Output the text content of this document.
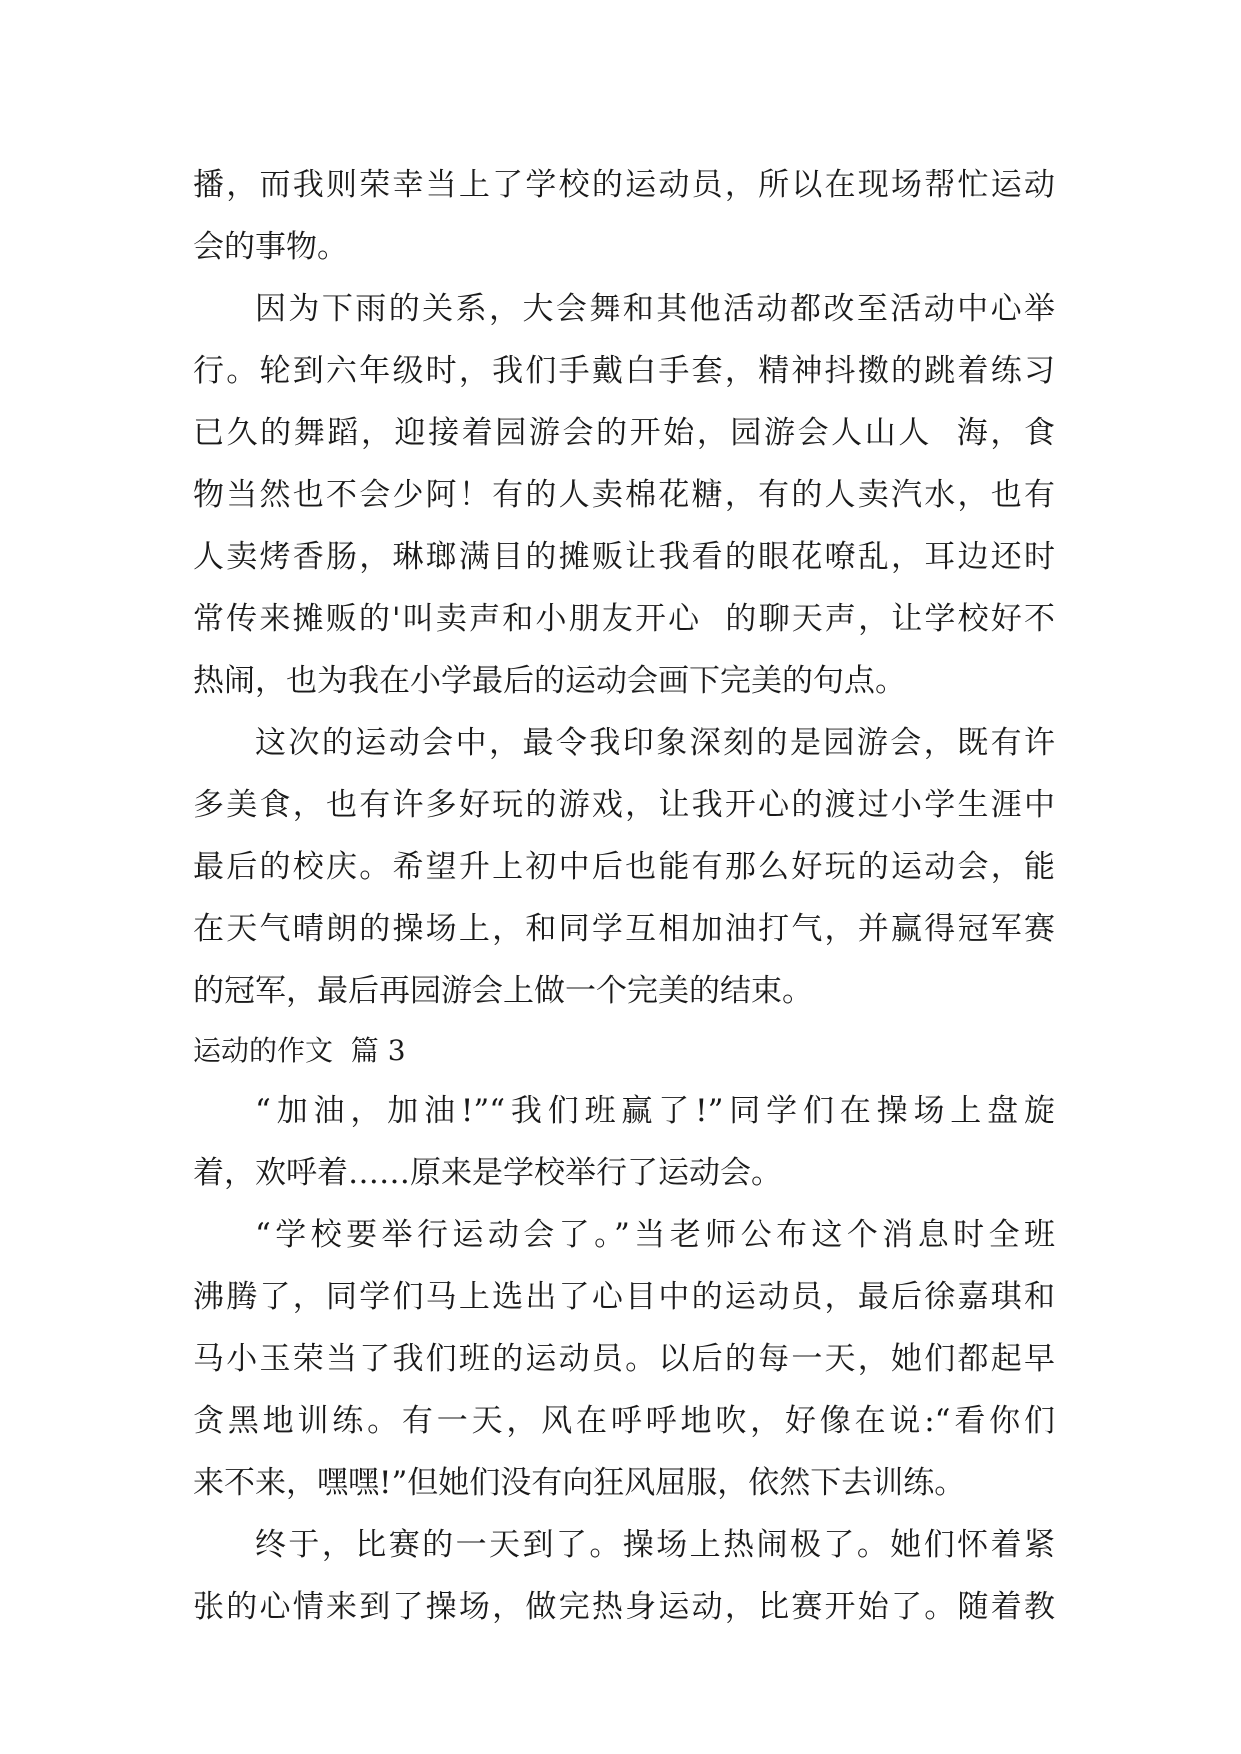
播，而我则荣幸当上了学校的运动员，所以在现场帮忙运动
会的事物。
因为下雨的关系，大会舞和其他活动都改至活动中心举
行。轮到六年级时，我们手戴白手套，精神抖擞的跳着练习
已久的舞蹈，迎接着园游会的开始，园游会人山人  海，食
物当然也不会少阿！有的人卖棉花糖，有的人卖汽水，也有
人卖烤香肠，琳瑯满目的摊贩让我看的眼花嘹乱，耳边还时
常传来摊贩的'叫卖声和小朋友开心  的聊天声，让学校好不
热闹，也为我在小学最后的运动会画下完美的句点。
这次的运动会中，最令我印象深刻的是园游会，既有许
多美食，也有许多好玩的游戏，让我开心的渡过小学生涯中
最后的校庆。希望升上初中后也能有那么好玩的运动会，能
在天气晴朗的操场上，和同学互相加油打气，并赢得冠军赛
的冠军，最后再园游会上做一个完美的结束。
运动的作文  篇 3
“加油，加油!”“我们班赢了!”同学们在操场上盘旋
着，欢呼着……原来是学校举行了运动会。
“学校要举行运动会了。”当老师公布这个消息时全班
沸腾了，同学们马上选出了心目中的运动员，最后徐嘉琪和
马小玉荣当了我们班的运动员。以后的每一天，她们都起早
贪黑地训练。有一天，风在呼呼地吹，好像在说:“看你们
来不来，嘿嘿!”但她们没有向狂风屈服，依然下去训练。
终于，比赛的一天到了。操场上热闹极了。她们怀着紧
张的心情来到了操场，做完热身运动，比赛开始了。随着教
